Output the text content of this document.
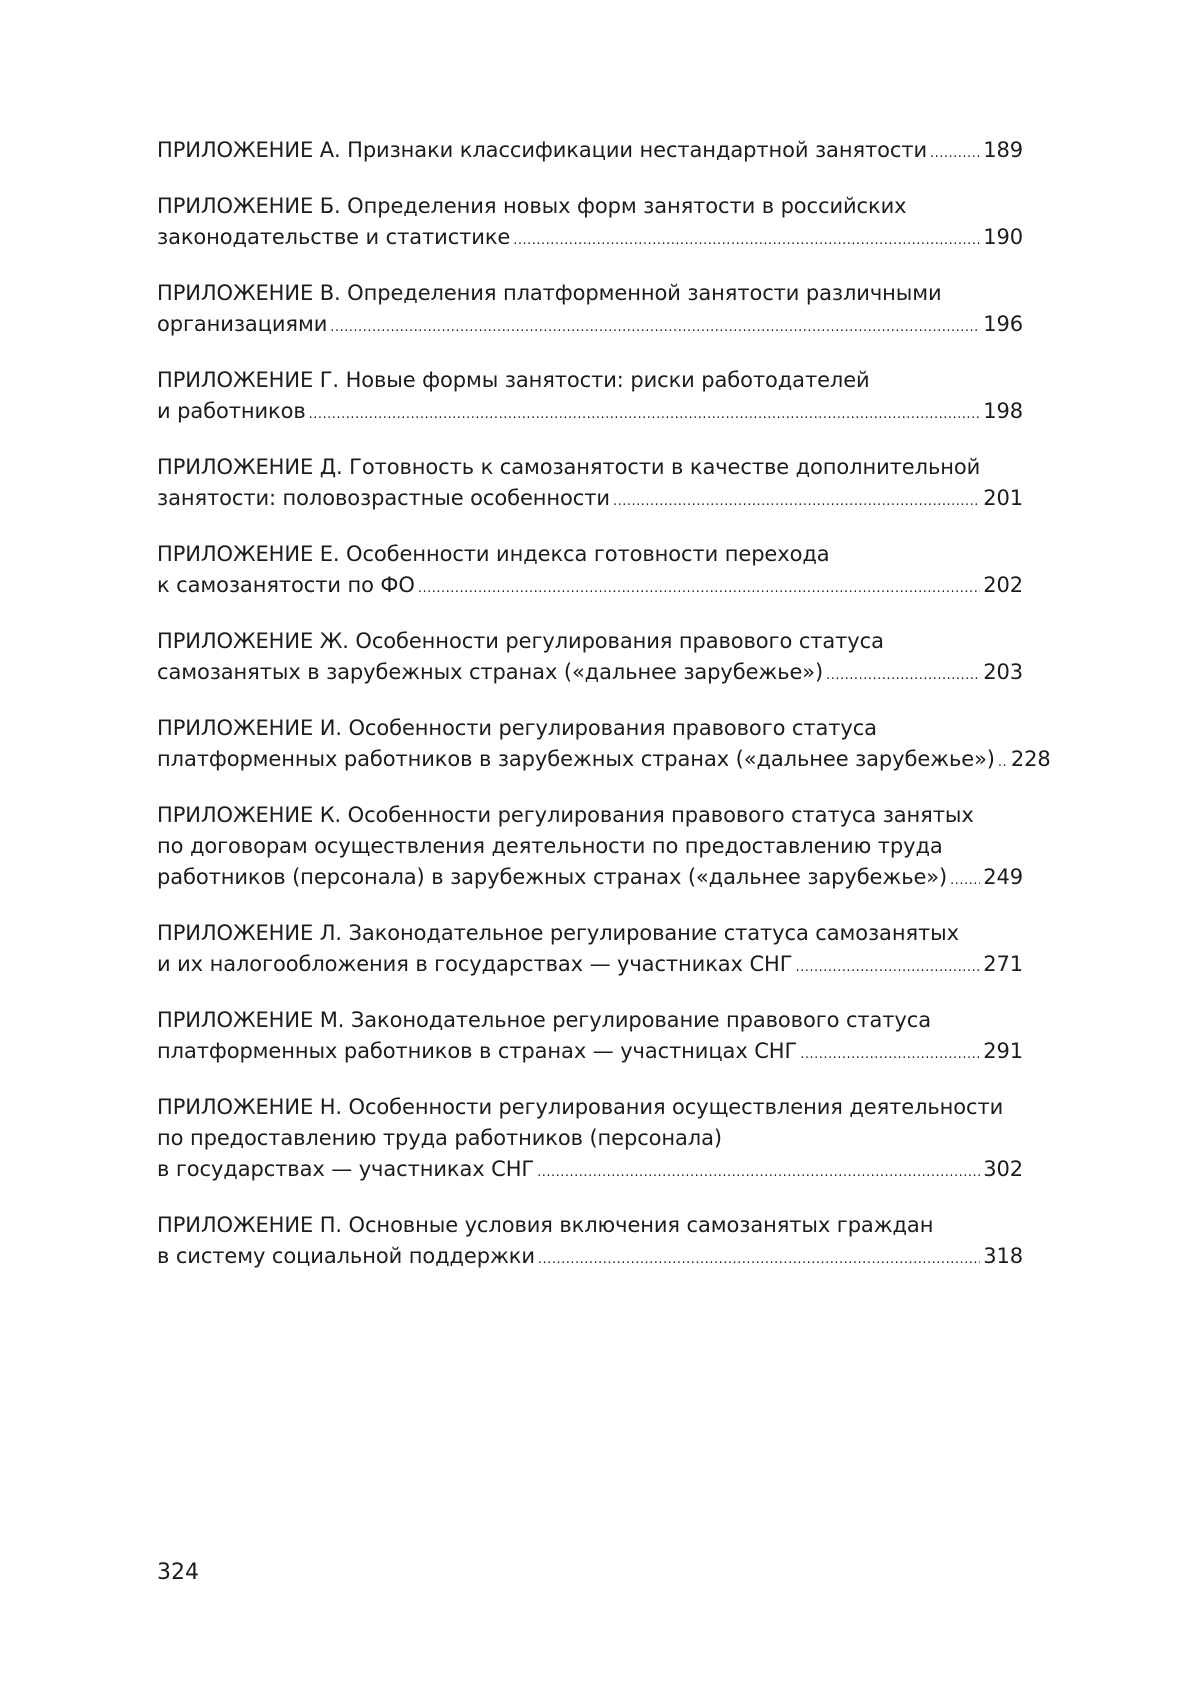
ПРИЛОЖЕНИЕ А. Признаки классификации нестандартной занятости .....	189
ПРИЛОЖЕНИЕ Б. Определения новых форм занятости в российских
законодательстве и статистике .....	190
ПРИЛОЖЕНИЕ В. Определения платформенной занятости различными
организациями .....	196
ПРИЛОЖЕНИЕ Г. Новые формы занятости: риски работодателей
и работников .....	198
ПРИЛОЖЕНИЕ Д. Готовность к самозанятости в качестве дополнительной
занятости: половозрастные особенности .....	201
ПРИЛОЖЕНИЕ Е. Особенности индекса готовности перехода
к самозанятости по ФО .....	202
ПРИЛОЖЕНИЕ Ж. Особенности регулирования правового статуса
самозанятых в зарубежных странах («дальнее зарубежье») .....	203
ПРИЛОЖЕНИЕ И. Особенности регулирования правового статуса
платформенных работников в зарубежных странах («дальнее зарубежье») ..... 228
ПРИЛОЖЕНИЕ К. Особенности регулирования правового статуса занятых
по договорам осуществления деятельности по предоставлению труда
работников (персонала) в зарубежных странах («дальнее зарубежье») ..... 249
ПРИЛОЖЕНИЕ Л. Законодательное регулирование статуса самозанятых
и их налогообложения в государствах — участниках СНГ .....	271
ПРИЛОЖЕНИЕ М. Законодательное регулирование правового статуса
платформенных работников в странах — участницах СНГ .....	291
ПРИЛОЖЕНИЕ Н. Особенности регулирования осуществления деятельности
по предоставлению труда работников (персонала)
в государствах — участниках СНГ .....	302
ПРИЛОЖЕНИЕ П. Основные условия включения самозанятых граждан
в систему социальной поддержки .....	318
324
